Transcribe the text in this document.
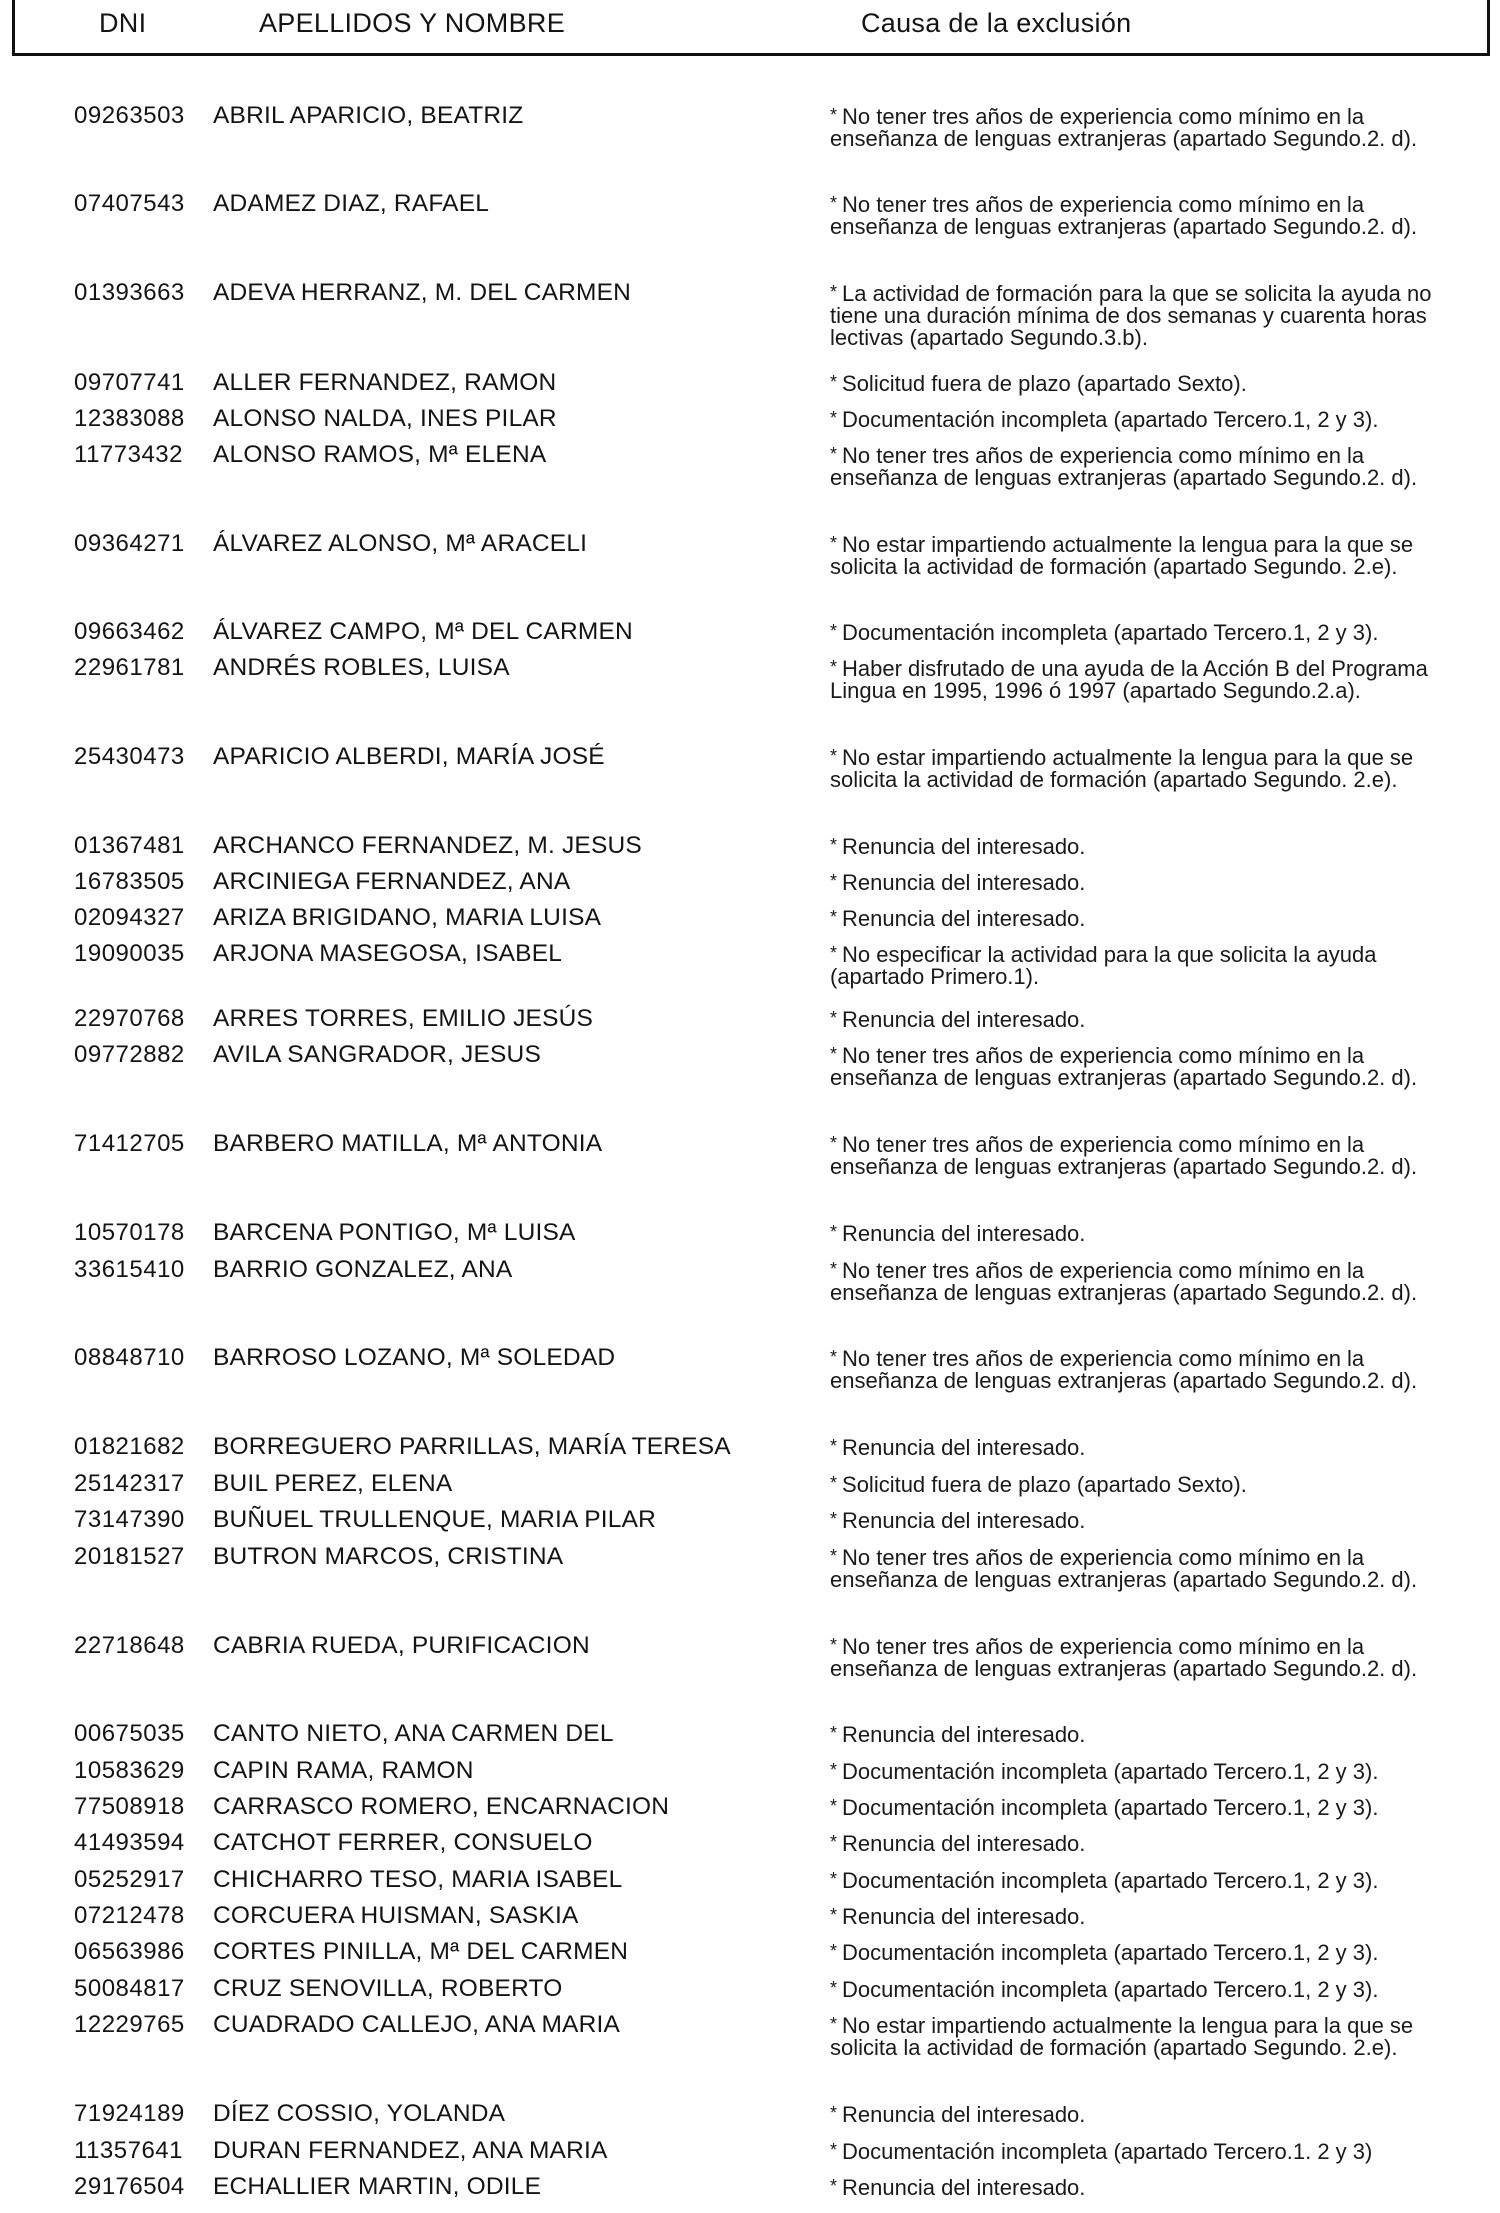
DNI	APELLIDOS Y NOMBRE	Causa de la exclusión
09263503 ABRIL APARICIO, BEATRIZ	* No tener tres años de experiencia como mínimo en la enseñanza de lenguas extranjeras (apartado Segundo.2. d).
07407543 ADAMEZ DIAZ, RAFAEL	* No tener tres años de experiencia como mínimo en la enseñanza de lenguas extranjeras (apartado Segundo.2. d).
01393663 ADEVA HERRANZ, M. DEL CARMEN	* La actividad de formación para la que se solicita la ayuda no tiene una duración mínima de dos semanas y cuarenta horas lectivas (apartado Segundo.3.b).
09707741 ALLER FERNANDEZ, RAMON	* Solicitud fuera de plazo (apartado Sexto).
12383088 ALONSO NALDA, INES PILAR	* Documentación incompleta (apartado Tercero.1, 2 y 3).
11773432 ALONSO RAMOS, Mª ELENA	* No tener tres años de experiencia como mínimo en la enseñanza de lenguas extranjeras (apartado Segundo.2. d).
09364271 ÁLVAREZ ALONSO, Mª ARACELI	* No estar impartiendo actualmente la lengua para la que se solicita la actividad de formación (apartado Segundo. 2.e).
09663462 ÁLVAREZ CAMPO, Mª DEL CARMEN	* Documentación incompleta (apartado Tercero.1, 2 y 3).
22961781 ANDRÉS ROBLES, LUISA	* Haber disfrutado de una ayuda de la Acción B del Programa Lingua en 1995, 1996 ó 1997 (apartado Segundo.2.a).
25430473 APARICIO ALBERDI, MARÍA JOSÉ	* No estar impartiendo actualmente la lengua para la que se solicita la actividad de formación (apartado Segundo. 2.e).
01367481 ARCHANCO FERNANDEZ, M. JESUS	* Renuncia del interesado.
16783505 ARCINIEGA FERNANDEZ, ANA	* Renuncia del interesado.
02094327 ARIZA BRIGIDANO, MARIA LUISA	* Renuncia del interesado.
19090035 ARJONA MASEGOSA, ISABEL	* No especificar la actividad para la que solicita la ayuda (apartado Primero.1).
22970768 ARRES TORRES, EMILIO JESÚS	* Renuncia del interesado.
09772882 AVILA SANGRADOR, JESUS	* No tener tres años de experiencia como mínimo en la enseñanza de lenguas extranjeras (apartado Segundo.2. d).
71412705 BARBERO MATILLA, Mª ANTONIA	* No tener tres años de experiencia como mínimo en la enseñanza de lenguas extranjeras (apartado Segundo.2. d).
10570178 BARCENA PONTIGO, Mª LUISA	* Renuncia del interesado.
33615410 BARRIO GONZALEZ, ANA	* No tener tres años de experiencia como mínimo en la enseñanza de lenguas extranjeras (apartado Segundo.2. d).
08848710 BARROSO LOZANO, Mª SOLEDAD	* No tener tres años de experiencia como mínimo en la enseñanza de lenguas extranjeras (apartado Segundo.2. d).
01821682 BORREGUERO PARRILLAS, MARÍA TERESA	* Renuncia del interesado.
25142317 BUIL PEREZ, ELENA	* Solicitud fuera de plazo (apartado Sexto).
73147390 BUÑUEL TRULLENQUE, MARIA PILAR	* Renuncia del interesado.
20181527 BUTRON MARCOS, CRISTINA	* No tener tres años de experiencia como mínimo en la enseñanza de lenguas extranjeras (apartado Segundo.2. d).
22718648 CABRIA RUEDA, PURIFICACION	* No tener tres años de experiencia como mínimo en la enseñanza de lenguas extranjeras (apartado Segundo.2. d).
00675035 CANTO NIETO, ANA CARMEN DEL	* Renuncia del interesado.
10583629 CAPIN RAMA, RAMON	* Documentación incompleta (apartado Tercero.1, 2 y 3).
77508918 CARRASCO ROMERO, ENCARNACION	* Documentación incompleta (apartado Tercero.1, 2 y 3).
41493594 CATCHOT FERRER, CONSUELO	* Renuncia del interesado.
05252917 CHICHARRO TESO, MARIA ISABEL	* Documentación incompleta (apartado Tercero.1, 2 y 3).
07212478 CORCUERA HUISMAN, SASKIA	* Renuncia del interesado.
06563986 CORTES PINILLA, Mª DEL CARMEN	* Documentación incompleta (apartado Tercero.1, 2 y 3).
50084817 CRUZ SENOVILLA, ROBERTO	* Documentación incompleta (apartado Tercero.1, 2 y 3).
12229765 CUADRADO CALLEJO, ANA MARIA	* No estar impartiendo actualmente la lengua para la que se solicita la actividad de formación (apartado Segundo. 2.e).
71924189 DÍEZ COSSIO, YOLANDA	* Renuncia del interesado.
11357641 DURAN FERNANDEZ, ANA MARIA	* Documentación incompleta (apartado Tercero.1. 2 y 3)
29176504 ECHALLIER MARTIN, ODILE	* Renuncia del interesado.
